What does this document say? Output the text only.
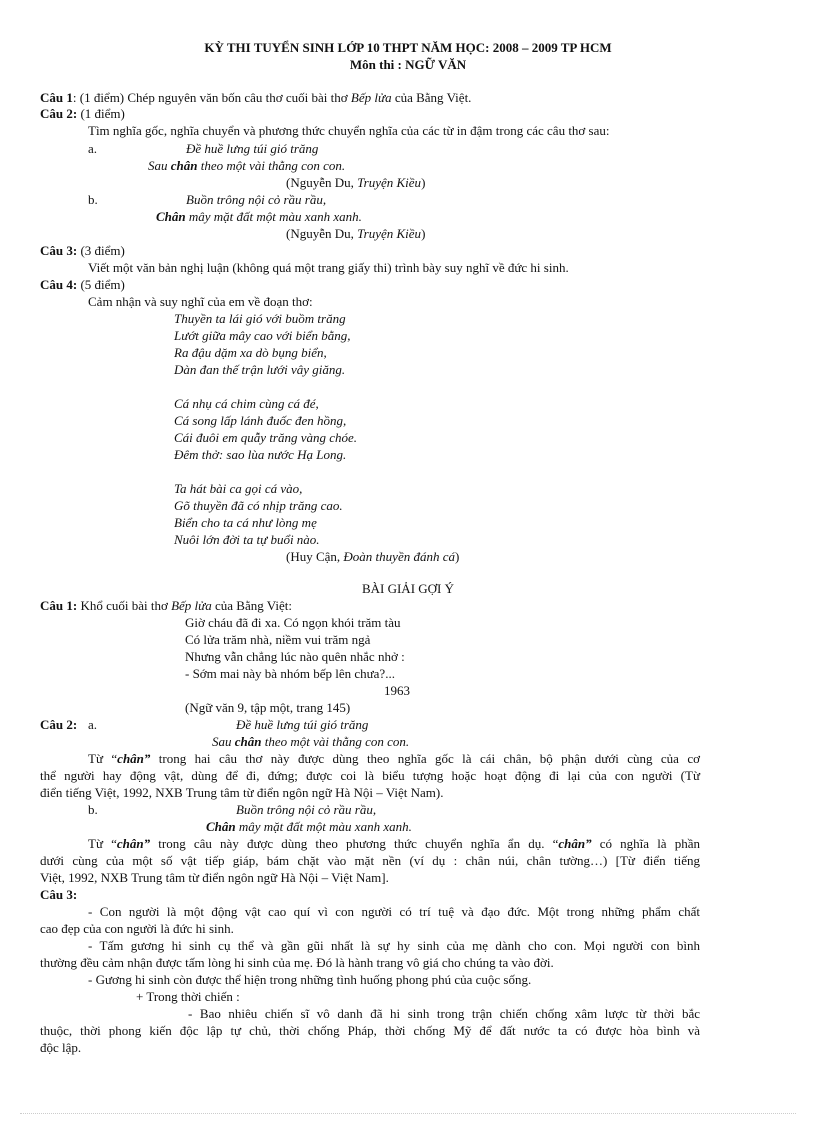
KỲ THI TUYỂN SINH LỚP 10 THPT NĂM HỌC: 2008 – 2009 TP HCM
Môn thi : NGỮ VĂN
Câu 1: (1 điểm) Chép nguyên văn bốn câu thơ cuối bài thơ Bếp lửa của Bằng Việt.
Câu 2: (1 điểm)
Tìm nghĩa gốc, nghĩa chuyển và phương thức chuyển nghĩa của các từ in đậm trong các câu thơ sau:
a.	Đề huề lưng túi gió trăng
Sau chân theo một vài thằng con con.
(Nguyễn Du, Truyện Kiều)
b.	Buồn trông nội cỏ rầu rầu,
Chân mây mặt đất một màu xanh xanh.
(Nguyễn Du, Truyện Kiều)
Câu 3: (3 điểm)
Viết một văn bản nghị luận (không quá một trang giấy thi) trình bày suy nghĩ về đức hi sinh.
Câu 4: (5 điểm)
Cảm nhận và suy nghĩ của em về đoạn thơ:
Thuyền ta lái gió với buồm trăng
Lướt giữa mây cao với biển bằng,
Ra đậu dặm xa dò bụng biển,
Dàn đan thế trận lưới vây giăng.
Cá nhụ cá chim cùng cá đé,
Cá song lấp lánh đuốc đen hồng,
Cái đuôi em quẫy trăng vàng chóe.
Đêm thở: sao lùa nước Hạ Long.
Ta hát bài ca gọi cá vào,
Gõ thuyền đã có nhịp trăng cao.
Biển cho ta cá như lòng mẹ
Nuôi lớn đời ta tự buổi nào.
(Huy Cận, Đoàn thuyền đánh cá)
BÀI GIẢI GỢI Ý
Câu 1: Khổ cuối bài thơ Bếp lửa của Bằng Việt:
Giờ cháu đã đi xa. Có ngọn khói trăm tàu
Có lửa trăm nhà, niềm vui trăm ngả
Nhưng vẫn chẳng lúc nào quên nhắc nhở :
- Sớm mai này bà nhóm bếp lên chưa?...
1963
(Ngữ văn 9, tập một, trang 145)
Câu 2: a.	Đề huề lưng túi gió trăng
Sau chân theo một vài thằng con con.
Từ “chân” trong hai câu thơ này được dùng theo nghĩa gốc là cái chân, bộ phận dưới cùng của cơ
thể người hay động vật, dùng để đi, đứng; được coi là biểu tượng hoặc hoạt động đi lại của con người (Từ
điển tiếng Việt, 1992, NXB Trung tâm từ điển ngôn ngữ Hà Nội – Việt Nam).
b.	Buồn trông nội cỏ rầu rầu,
Chân mây mặt đất một màu xanh xanh.
Từ “chân” trong câu này được dùng theo phương thức chuyển nghĩa ẩn dụ. “chân” có nghĩa là phần
dưới cùng của một số vật tiếp giáp, bám chặt vào mặt nền (ví dụ : chân núi, chân tường…) [Từ điển tiếng
Việt, 1992, NXB Trung tâm từ điển ngôn ngữ Hà Nội – Việt Nam].
Câu 3:
- Con người là một động vật cao quí vì con người có trí tuệ và đạo đức. Một trong những phẩm chất
cao đẹp của con người là đức hi sinh.
- Tấm gương hi sinh cụ thể và gần gũi nhất là sự hy sinh của mẹ dành cho con. Mọi người con bình
thường đều cảm nhận được tấm lòng hi sinh của mẹ. Đó là hành trang vô giá cho chúng ta vào đời.
- Gương hi sinh còn được thể hiện trong những tình huống phong phú của cuộc sống.
+ Trong thời chiến :
- Bao nhiêu chiến sĩ vô danh đã hi sinh trong trận chiến chống xâm lược từ thời bắc
thuộc, thời phong kiến độc lập tự chủ, thời chống Pháp, thời chống Mỹ để đất nước ta có được hòa bình và
độc lập.
